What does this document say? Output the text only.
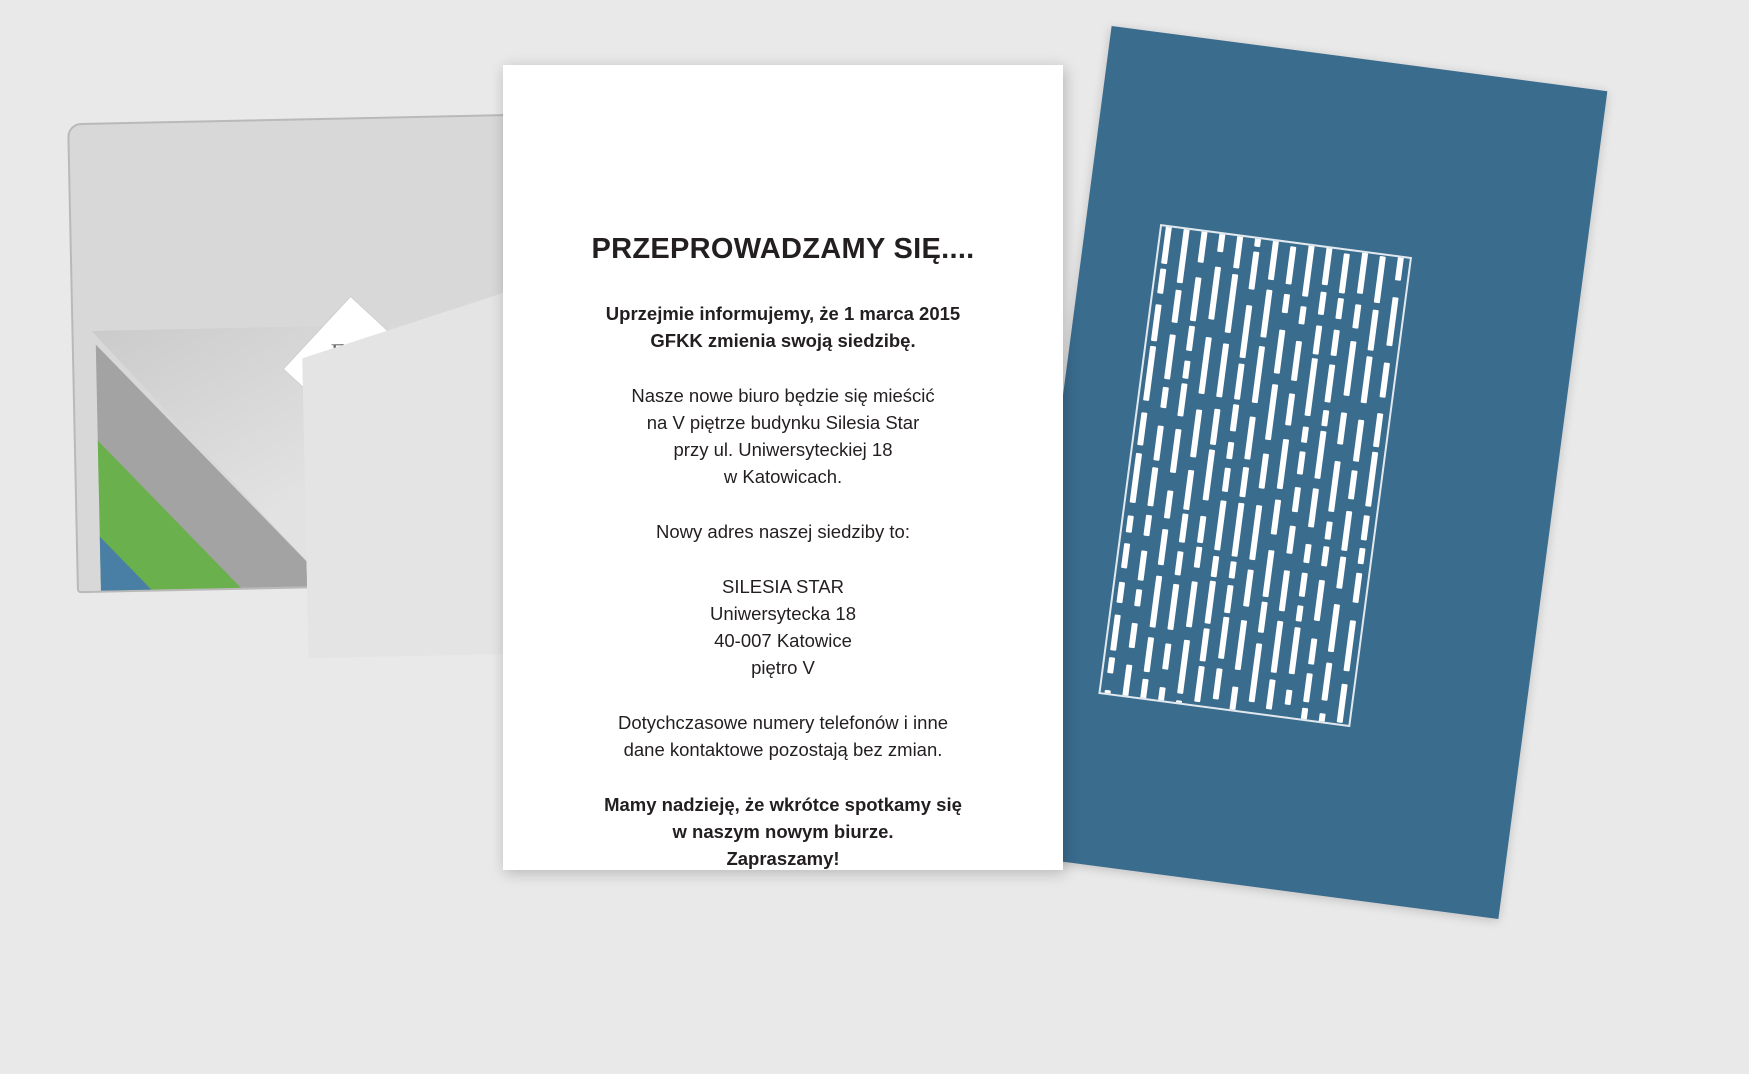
PRZEPROWADZAMY SIĘ....
Uprzejmie informujemy, że 1 marca 2015
GFKK zmienia swoją siedzibę.
Nasze nowe biuro będzie się mieścić
na V piętrze budynku Silesia Star
przy ul. Uniwersyteckiej 18
w Katowicach.
Nowy adres naszej siedziby to:
SILESIA STAR
Uniwersytecka 18
40-007 Katowice
piętro V
Dotychczasowe numery telefonów i inne
dane kontaktowe pozostają bez zmian.
Mamy nadzieję, że wkrótce spotkamy się
w naszym nowym biurze.
Zapraszamy!
